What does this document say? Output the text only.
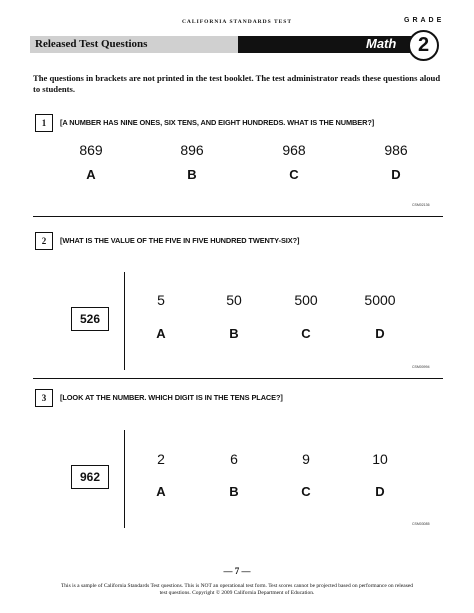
CALIFORNIA STANDARDS TEST	GRADE
Released Test Questions	Math	2
The questions in brackets are not printed in the test booklet. The test administrator reads these questions aloud to students.
1	[A NUMBER HAS NINE ONES, SIX TENS, AND EIGHT HUNDREDS. WHAT IS THE NUMBER?]
869	896	968	986
A	B	C	D
CSM02136
2	[WHAT IS THE VALUE OF THE FIVE IN FIVE HUNDRED TWENTY-SIX?]
526
5	50	500	5000
A	B	C	D
CSM00994
3	[LOOK AT THE NUMBER. WHICH DIGIT IS IN THE TENS PLACE?]
962
2	6	9	10
A	B	C	D
CSM03085
— 7 —
This is a sample of California Standards Test questions. This is NOT an operational test form. Test scores cannot be projected based on performance on released test questions. Copyright © 2009 California Department of Education.
